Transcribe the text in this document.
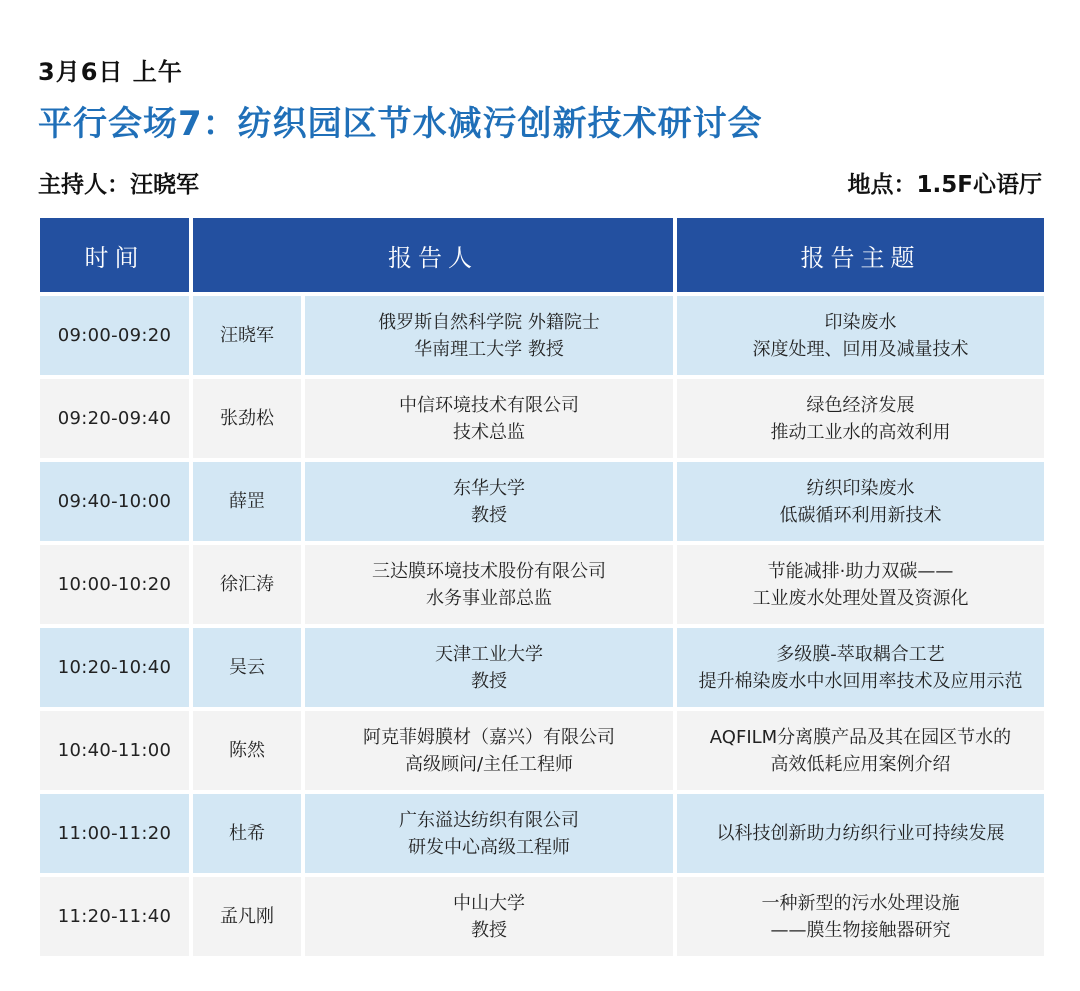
3月6日 上午
平行会场7：纺织园区节水减污创新技术研讨会
主持人：汪晓军	地点：1.5F心语厅
时间	报告人		报告主题
09:00-09:20	汪晓军	俄罗斯自然科学院 外籍院士
华南理工大学 教授	印染废水
深度处理、回用及减量技术

09:20-09:40	张劲松	中信环境技术有限公司
技术总监	绿色经济发展
推动工业水的高效利用

09:40-10:00	薛罡	东华大学
教授	纺织印染废水
低碳循环利用新技术

10:00-10:20	徐汇涛	三达膜环境技术股份有限公司
水务事业部总监	节能减排·助力双碳——
工业废水处理处置及资源化

10:20-10:40	吴云	天津工业大学
教授	多级膜-萃取耦合工艺
提升棉染废水中水回用率技术及应用示范

10:40-11:00	陈然	阿克菲姆膜材（嘉兴）有限公司
高级顾问/主任工程师	AQFILM分离膜产品及其在园区节水的
高效低耗应用案例介绍

11:00-11:20	杜希	广东溢达纺织有限公司
研发中心高级工程师	以科技创新助力纺织行业可持续发展

11:20-11:40	孟凡刚	中山大学
教授	一种新型的污水处理设施
——膜生物接触器研究
